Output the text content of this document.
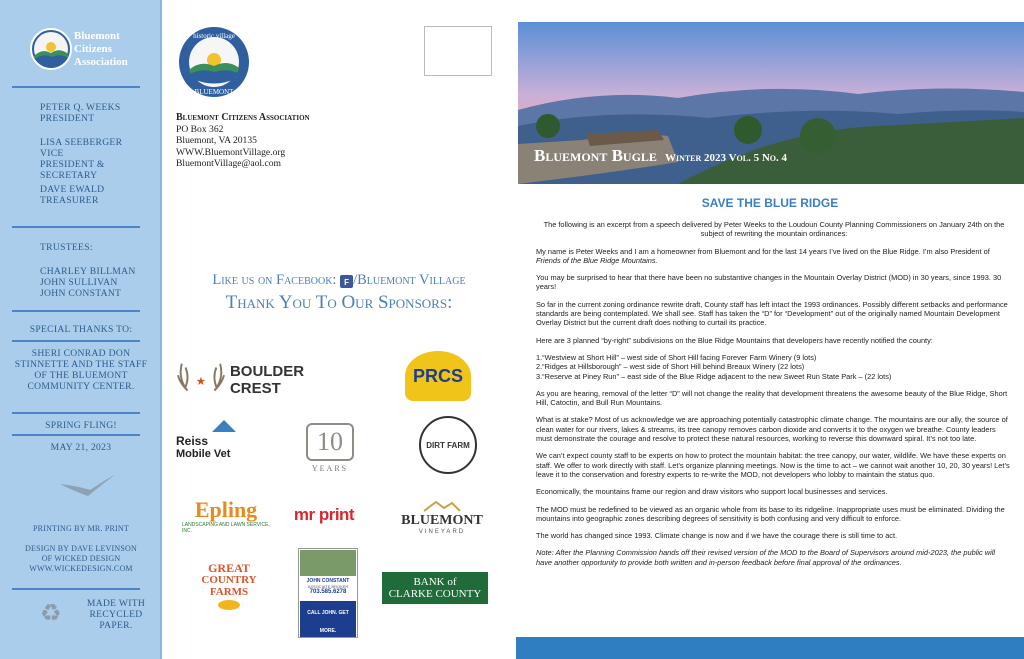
Bluemont
Citizens
Association
PETER Q. WEEKS
PRESIDENT
LISA SEEBERGER
VICE PRESIDENT & SECRETARY
DAVE EWALD
TREASURER
TRUSTEES:
CHARLEY BILLMAN
JOHN SULLIVAN
JOHN CONSTANT
SPECIAL THANKS TO:
SHERI CONRAD DON STINNETTE AND THE STAFF OF THE BLUEMONT COMMUNITY CENTER.
SPRING FLING!
MAY 21, 2023
PRINTING BY MR. PRINT
DESIGN BY DAVE LEVINSON
OF WICKED DESIGN
WWW.WICKEDESIGN.COM
♻	MADE WITH
RECYCLED
PAPER.
historic village
BLUEMONT
Bluemont Citizens Association
PO Box 362
Bluemont, VA 20135
WWW.BluemontVillage.org
BluemontVillage@aol.com
Like us on Facebook: f /Bluemont Village
Thank You To Our Sponsors:
★
BOULDER CREST
PRCS
Reiss
Mobile Vet	10
YEARS
DIRT FARM
Epling
LANDSCAPING AND LAWN SERVICE, INC.
mr print	BLUEMONT
VINEYARD
GREAT
COUNTRY
FARMS
JOHN CONSTANT
ASSOCIATE BROKER
703.585.6278
CALL JOHN. GET MORE.
BANK of
CLARKE COUNTY
Bluemont Bugle Winter 2023 Vol. 5 No. 4
SAVE THE BLUE RIDGE

The following is an excerpt from a speech delivered by Peter Weeks to the Loudoun County Planning Commissioners on January 24th on the subject of rewriting the mountain ordinances:

My name is Peter Weeks and I am a homeowner from Bluemont and for the last 14 years I’ve lived on the Blue Ridge. I’m also President of Friends of the Blue Ridge Mountains.

You may be surprised to hear that there have been no substantive changes in the Mountain Overlay District (MOD) in 30 years, since 1993. 30 years!

So far in the current zoning ordinance rewrite draft, County staff has left intact the 1993 ordinances. Possibly different setbacks and performance standards are being contemplated. We shall see. Staff has taken the “D” for “Development” out of the originally named Mountain Development Overlay District but the current draft does nothing to curtail its practice.

Here are 3 planned “by-right” subdivisions on the Blue Ridge Mountains that developers have recently notified the county:

1.“Westview at Short Hill” – west side of Short Hill facing Forever Farm Winery (9 lots)
2.“Ridges at Hillsborough” – west side of Short Hill behind Breaux Winery (22 lots)
3.“Reserve at Piney Run” – east side of the Blue Ridge adjacent to the new Sweet Run State Park – (22 lots)

As you are hearing, removal of the letter “D” will not change the reality that development threatens the awesome beauty of the Blue Ridge, Short Hill, Catoctin, and Bull Run Mountains.

What is at stake? Most of us acknowledge we are approaching potentially catastrophic climate change. The mountains are our ally, the source of clean water for our rivers, lakes & streams, its tree canopy removes carbon dioxide and converts it to the oxygen we breathe. County leaders must demonstrate the courage and resolve to protect these natural resources, working to reverse this downward spiral. It’s not too late.

We can’t expect county staff to be experts on how to protect the mountain habitat: the tree canopy, our water, wildlife. We have these experts on staff. We offer to work directly with staff. Let’s organize planning meetings. Now is the time to act – we cannot wait another 10, 20, 30 years! Let’s leave it to the conservation and forestry experts to re-write the MOD, not developers who lobby to maintain the status quo.

Economically, the mountains frame our region and draw visitors who support local businesses and services.

The MOD must be redefined to be viewed as an organic whole from its base to its ridgeline. Inappropriate uses must be eliminated. Dividing the mountains into geographic zones describing degrees of sensitivity is both confusing and very difficult to enforce.

The world has changed since 1993. Climate change is now and if we have the courage there is still time to act.

Note: After the Planning Commission hands off their revised version of the MOD to the Board of Supervisors around mid-2023, the public will have another opportunity to provide both written and in-person feedback before final approval of the ordinances.
